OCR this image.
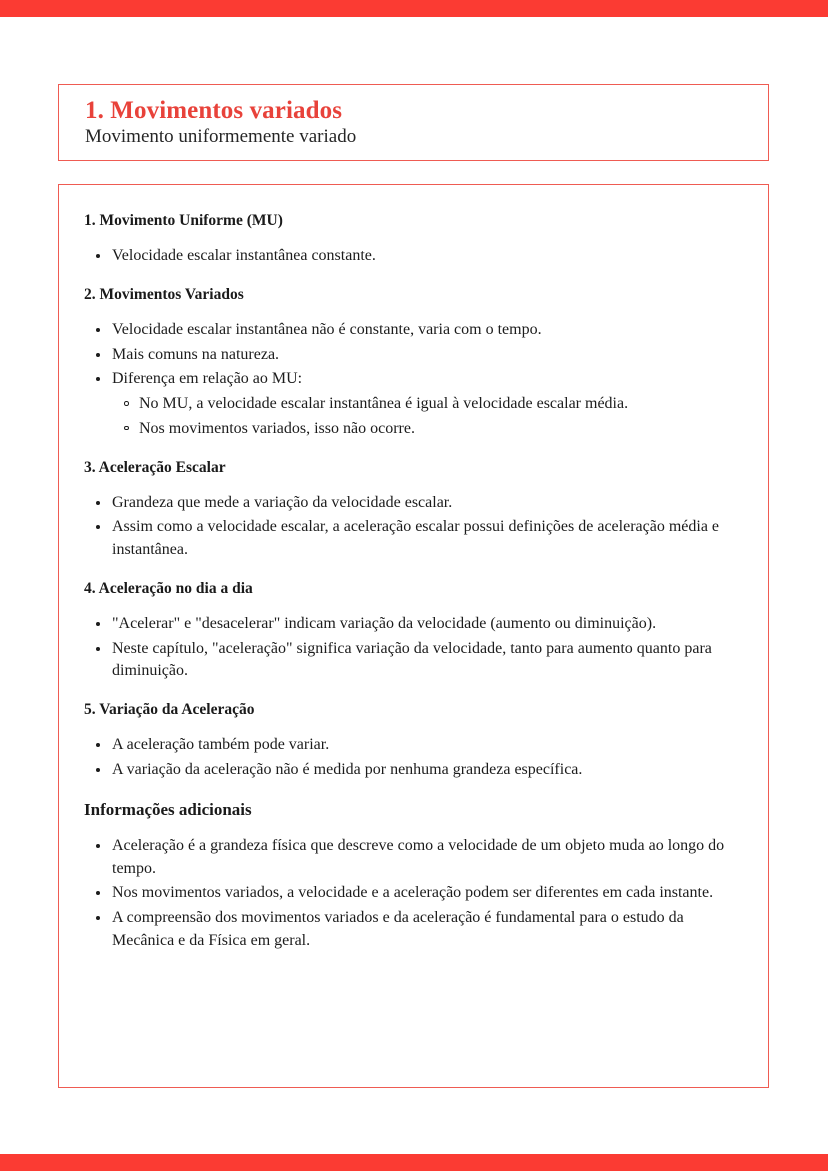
1. Movimentos variados

Movimento uniformemente variado

1. Movimento Uniforme (MU)
Velocidade escalar instantânea constante.
2. Movimentos Variados
Velocidade escalar instantânea não é constante, varia com o tempo.
Mais comuns na natureza.
Diferença em relação ao MU:
No MU, a velocidade escalar instantânea é igual à velocidade escalar média.
Nos movimentos variados, isso não ocorre.
3. Aceleração Escalar
Grandeza que mede a variação da velocidade escalar.
Assim como a velocidade escalar, a aceleração escalar possui definições de aceleração média e instantânea.
4. Aceleração no dia a dia
"Acelerar" e "desacelerar" indicam variação da velocidade (aumento ou diminuição).
Neste capítulo, "aceleração" significa variação da velocidade, tanto para aumento quanto para diminuição.
5. Variação da Aceleração
A aceleração também pode variar.
A variação da aceleração não é medida por nenhuma grandeza específica.
Informações adicionais
Aceleração é a grandeza física que descreve como a velocidade de um objeto muda ao longo do tempo.
Nos movimentos variados, a velocidade e a aceleração podem ser diferentes em cada instante.
A compreensão dos movimentos variados e da aceleração é fundamental para o estudo da Mecânica e da Física em geral.
